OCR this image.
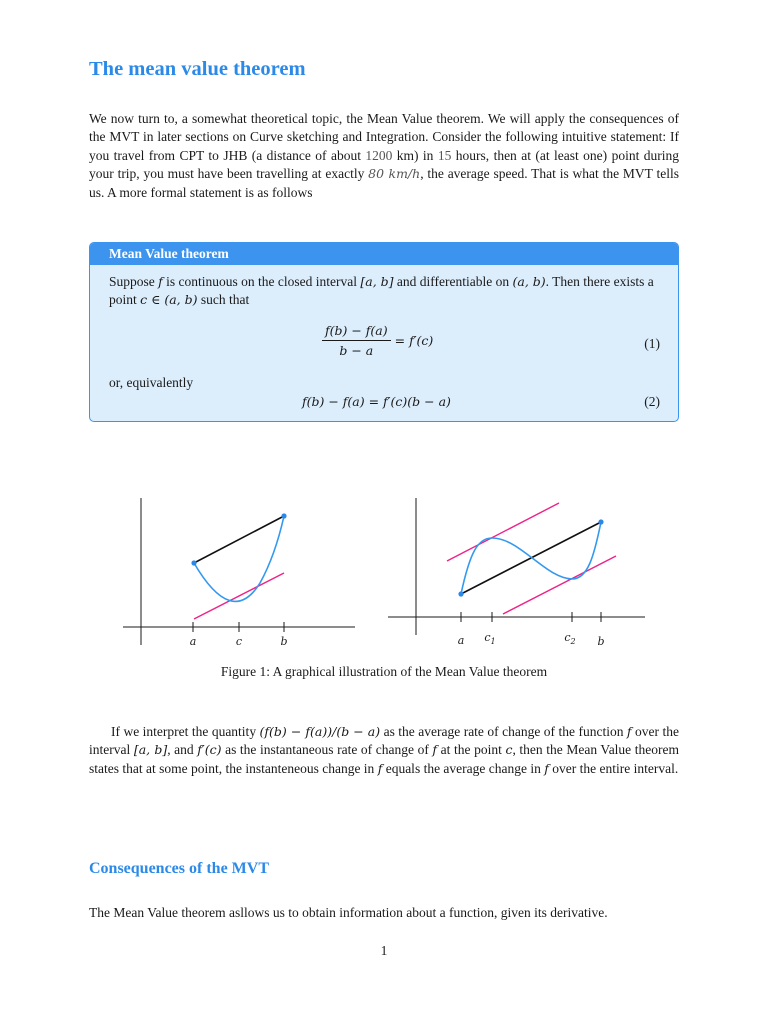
The mean value theorem

We now turn to, a somewhat theoretical topic, the Mean Value theorem. We will apply the consequences of the MVT in later sections on Curve sketching and Integration. Consider the following intuitive statement: If you travel from CPT to JHB (a distance of about 1200 km) in 15 hours, then at (at least one) point during your trip, you must have been travelling at exactly 80 km/h, the average speed. That is what the MVT tells us. A more formal statement is as follows

Mean Value theorem

Suppose f is continuous on the closed interval [a, b] and differentiable on (a, b). Then there exists a point c ∈ (a, b) such that

$\frac{f(b) - f(a)}{b - a} = f'(c)$	(1)

or, equivalently

f(b) − f(a) = f′(c)(b − a)	(2)
Figure 1: A graphical illustration of the Mean Value theorem

If we interpret the quantity (f(b) − f(a))/(b − a) as the average rate of change of the function f over the interval [a, b], and f′(c) as the instantaneous rate of change of f at the point c, then the Mean Value theorem states that at some point, the instanteneous change in f equals the average change in f over the entire interval.

Consequences of the MVT

The Mean Value theorem asllows us to obtain information about a function, given its derivative.

1
a	c	b	a $c_1$	$c_2$ b
